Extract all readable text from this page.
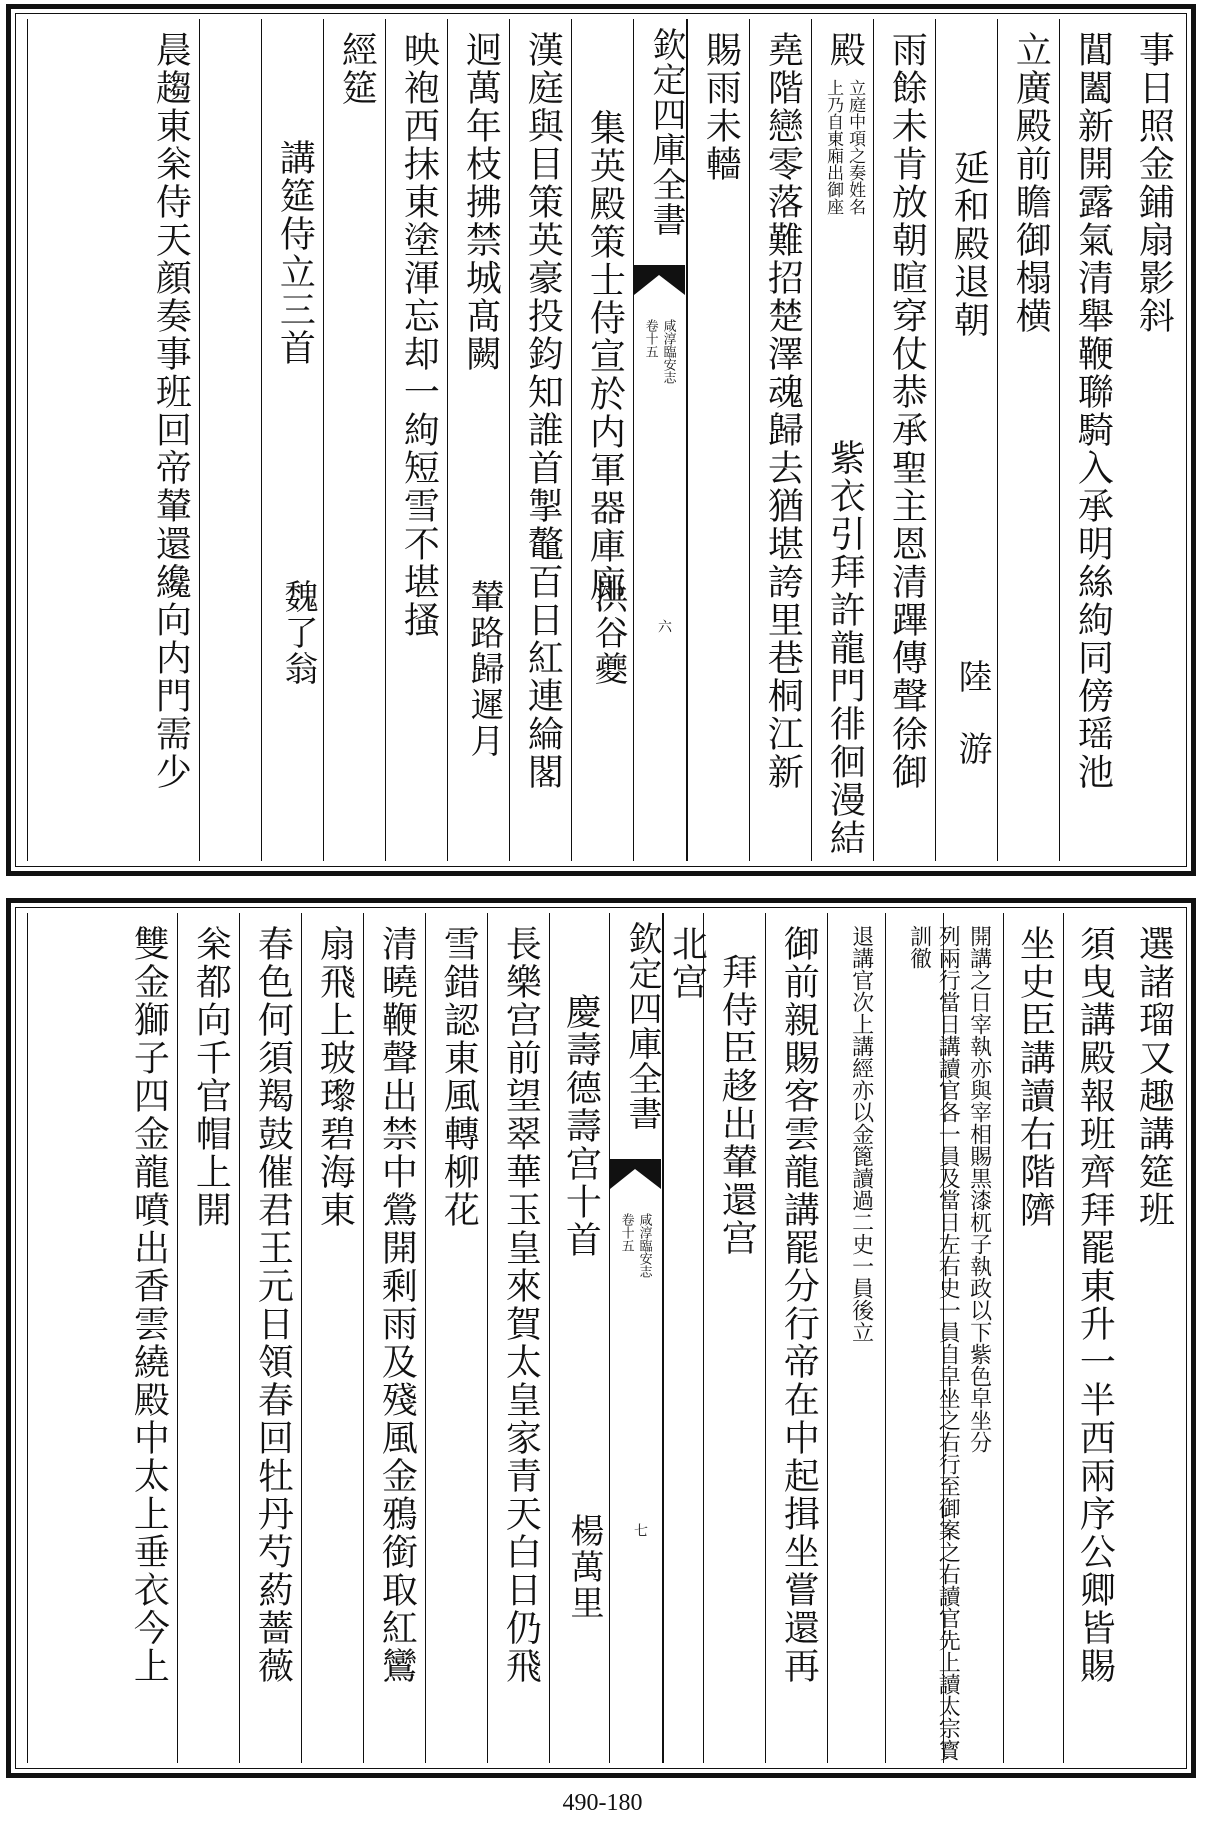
事日照金鋪扇影斜
閶闔新開露氣清舉鞭聯騎入承明絲絇同傍瑶池
立廣殿前瞻御榻横
延和殿退朝
陸　游
雨餘未肯放朝暄穿仗恭承聖主恩清蹕傳聲徐御
殿
立庭中項之奏姓名
上乃自東廂出御座
紫衣引拜許龍門徘徊漫結
堯階戀零落難招楚澤魂歸去猶堪誇里巷桐江新
賜雨未轖
欽定四庫全書
咸淳臨安志
卷十五
六
集英殿策士侍宣於内軍器庫廊
洪谷夔
漢庭與目策英豪投鈞知誰首掣鼇百日紅連綸閣
迥萬年枝拂禁城髙闕
輦路歸遲月
映袍西抹東塗渾忘却一絇短雪不堪搔
經筵
講筵侍立三首
魏了翁
晨趨東枀侍天顔奏事班回帝輦還纔向内門需少
選諸瑠又趣講筵班
須曳講殿報班齊拜罷東升一半西兩序公卿皆賜
坐史臣講讀右階隮
開講之日宰執亦與宰相賜黒漆杌子執政以下紫色皁坐分
列兩行當日講讀官各一員及當日左右史一員自皁坐之右行至御案之右讀官先上讀太宗寳訓徹
退講官次上講經亦以金篦讀過二史一員後立
御前親賜客雲龍講罷分行帝在中起揖坐嘗還再
拜侍臣趍出輦還宫
北宫
欽定四庫全書
咸淳臨安志
卷十五
七
慶壽德壽宫十首
楊萬里
長樂宫前望翠華玉皇來賀太皇家青天白日仍飛
雪錯認東風轉柳花
清曉鞭聲出禁中鶯開剩雨及殘風金鴉銜取紅鸞
扇飛上玻瓈碧海東
春色何須羯鼓催君王元日領春回牡丹芍葯薔薇
枀都向千官帽上開
雙金獅子四金龍噴出香雲繞殿中太上垂衣今上
490-180
